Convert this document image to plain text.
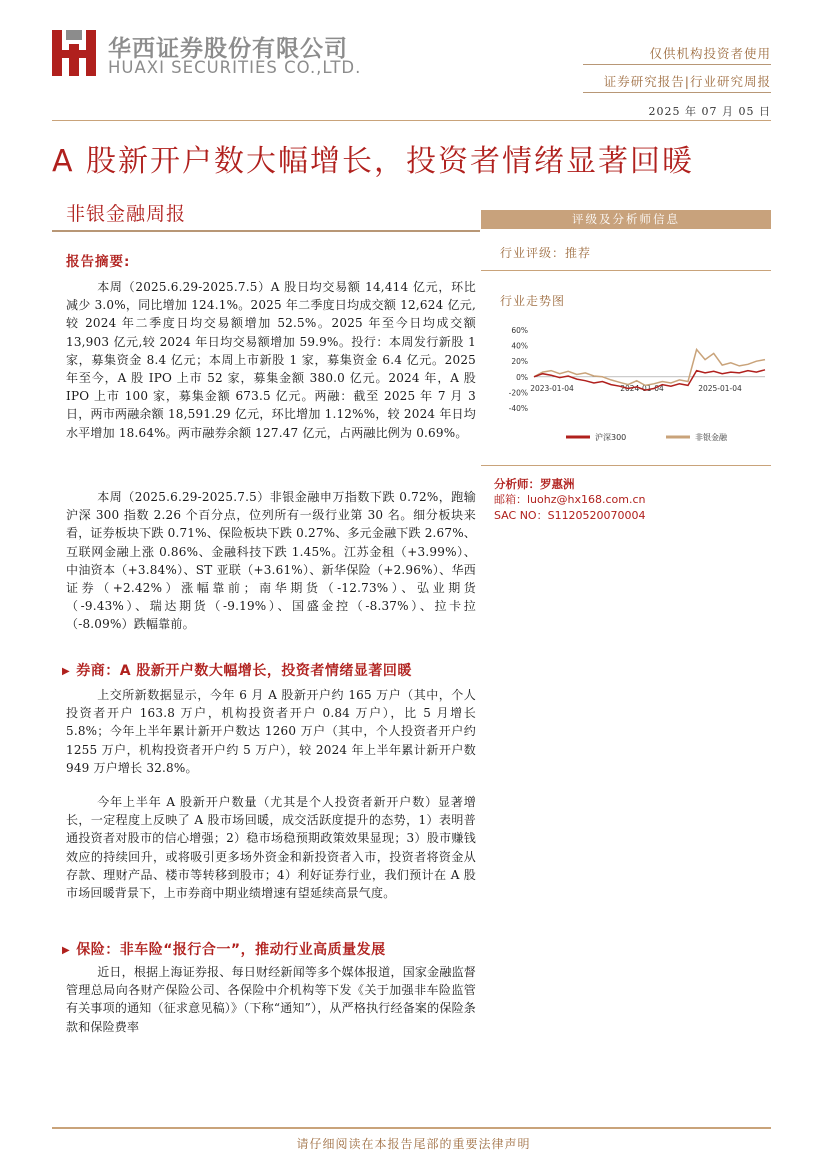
华西证券股份有限公司
HUAXI SECURITIES CO.,LTD.
仅供机构投资者使用
证券研究报告|行业研究周报
2025 年 07 月 05 日
A 股新开户数大幅增长，投资者情绪显著回暖
非银金融周报
报告摘要:

本周（2025.6.29-2025.7.5）A 股日均交易额 14,414 亿元，环比减少 3.0%，同比增加 124.1%。2025 年二季度日均成交额 12,624 亿元,较 2024 年二季度日均交易额增加 52.5%。2025 年至今日均成交额 13,903 亿元,较 2024 年日均交易额增加 59.9%。投行：本周发行新股 1 家，募集资金 8.4 亿元；本周上市新股 1 家，募集资金 6.4 亿元。2025 年至今，A 股 IPO 上市 52 家，募集金额 380.0 亿元。2024 年，A 股 IPO 上市 100 家，募集金额 673.5 亿元。两融：截至 2025 年 7 月 3 日，两市两融余额 18,591.29 亿元，环比增加 1.12%%，较 2024 年日均水平增加 18.64%。两市融券余额 127.47 亿元，占两融比例为 0.69%。

本周（2025.6.29-2025.7.5）非银金融申万指数下跌 0.72%，跑输沪深 300 指数 2.26 个百分点，位列所有一级行业第 30 名。细分板块来看，证券板块下跌 0.71%、保险板块下跌 0.27%、多元金融下跌 2.67%、互联网金融上涨 0.86%、金融科技下跌 1.45%。江苏金租（+3.99%）、中油资本（+3.84%）、ST 亚联（+3.61%）、新华保险（+2.96%）、华西证券（+2.42%）涨幅靠前；南华期货（-12.73%）、弘业期货（-9.43%）、瑞达期货（-9.19%）、国盛金控（-8.37%）、拉卡拉（-8.09%）跌幅靠前。

▶ 券商：A 股新开户数大幅增长，投资者情绪显著回暖

上交所新数据显示，今年 6 月 A 股新开户约 165 万户（其中，个人投资者开户 163.8 万户，机构投资者开户 0.84 万户），比 5 月增长 5.8%；今年上半年累计新开户数达 1260 万户（其中，个人投资者开户约 1255 万户，机构投资者开户约 5 万户），较 2024 年上半年累计新开户数 949 万户增长 32.8%。

今年上半年 A 股新开户数量（尤其是个人投资者新开户数）显著增长，一定程度上反映了 A 股市场回暖，成交活跃度提升的态势，1）表明普通投资者对股市的信心增强；2）稳市场稳预期政策效果显现；3）股市赚钱效应的持续回升，或将吸引更多场外资金和新投资者入市，投资者将资金从存款、理财产品、楼市等转移到股市；4）利好证券行业，我们预计在 A 股市场回暖背景下，上市券商中期业绩增速有望延续高景气度。

▶ 保险：非车险“报行合一”，推动行业高质量发展

近日，根据上海证券报、每日财经新闻等多个媒体报道，国家金融监督管理总局向各财产保险公司、各保险中介机构等下发《关于加强非车险监管有关事项的通知（征求意见稿）》（下称“通知”），从严格执行经备案的保险条款和保险费率

评级及分析师信息
行业评级：推荐
行业走势图
60%
40%
20%
0%
-20%
-40%
2023-01-04	2024-01-04	2025-01-04
沪深300	非银金融
分析师：罗惠洲
邮箱：luohz@hx168.com.cn
SAC NO：S1120520070004
请仔细阅读在本报告尾部的重要法律声明
